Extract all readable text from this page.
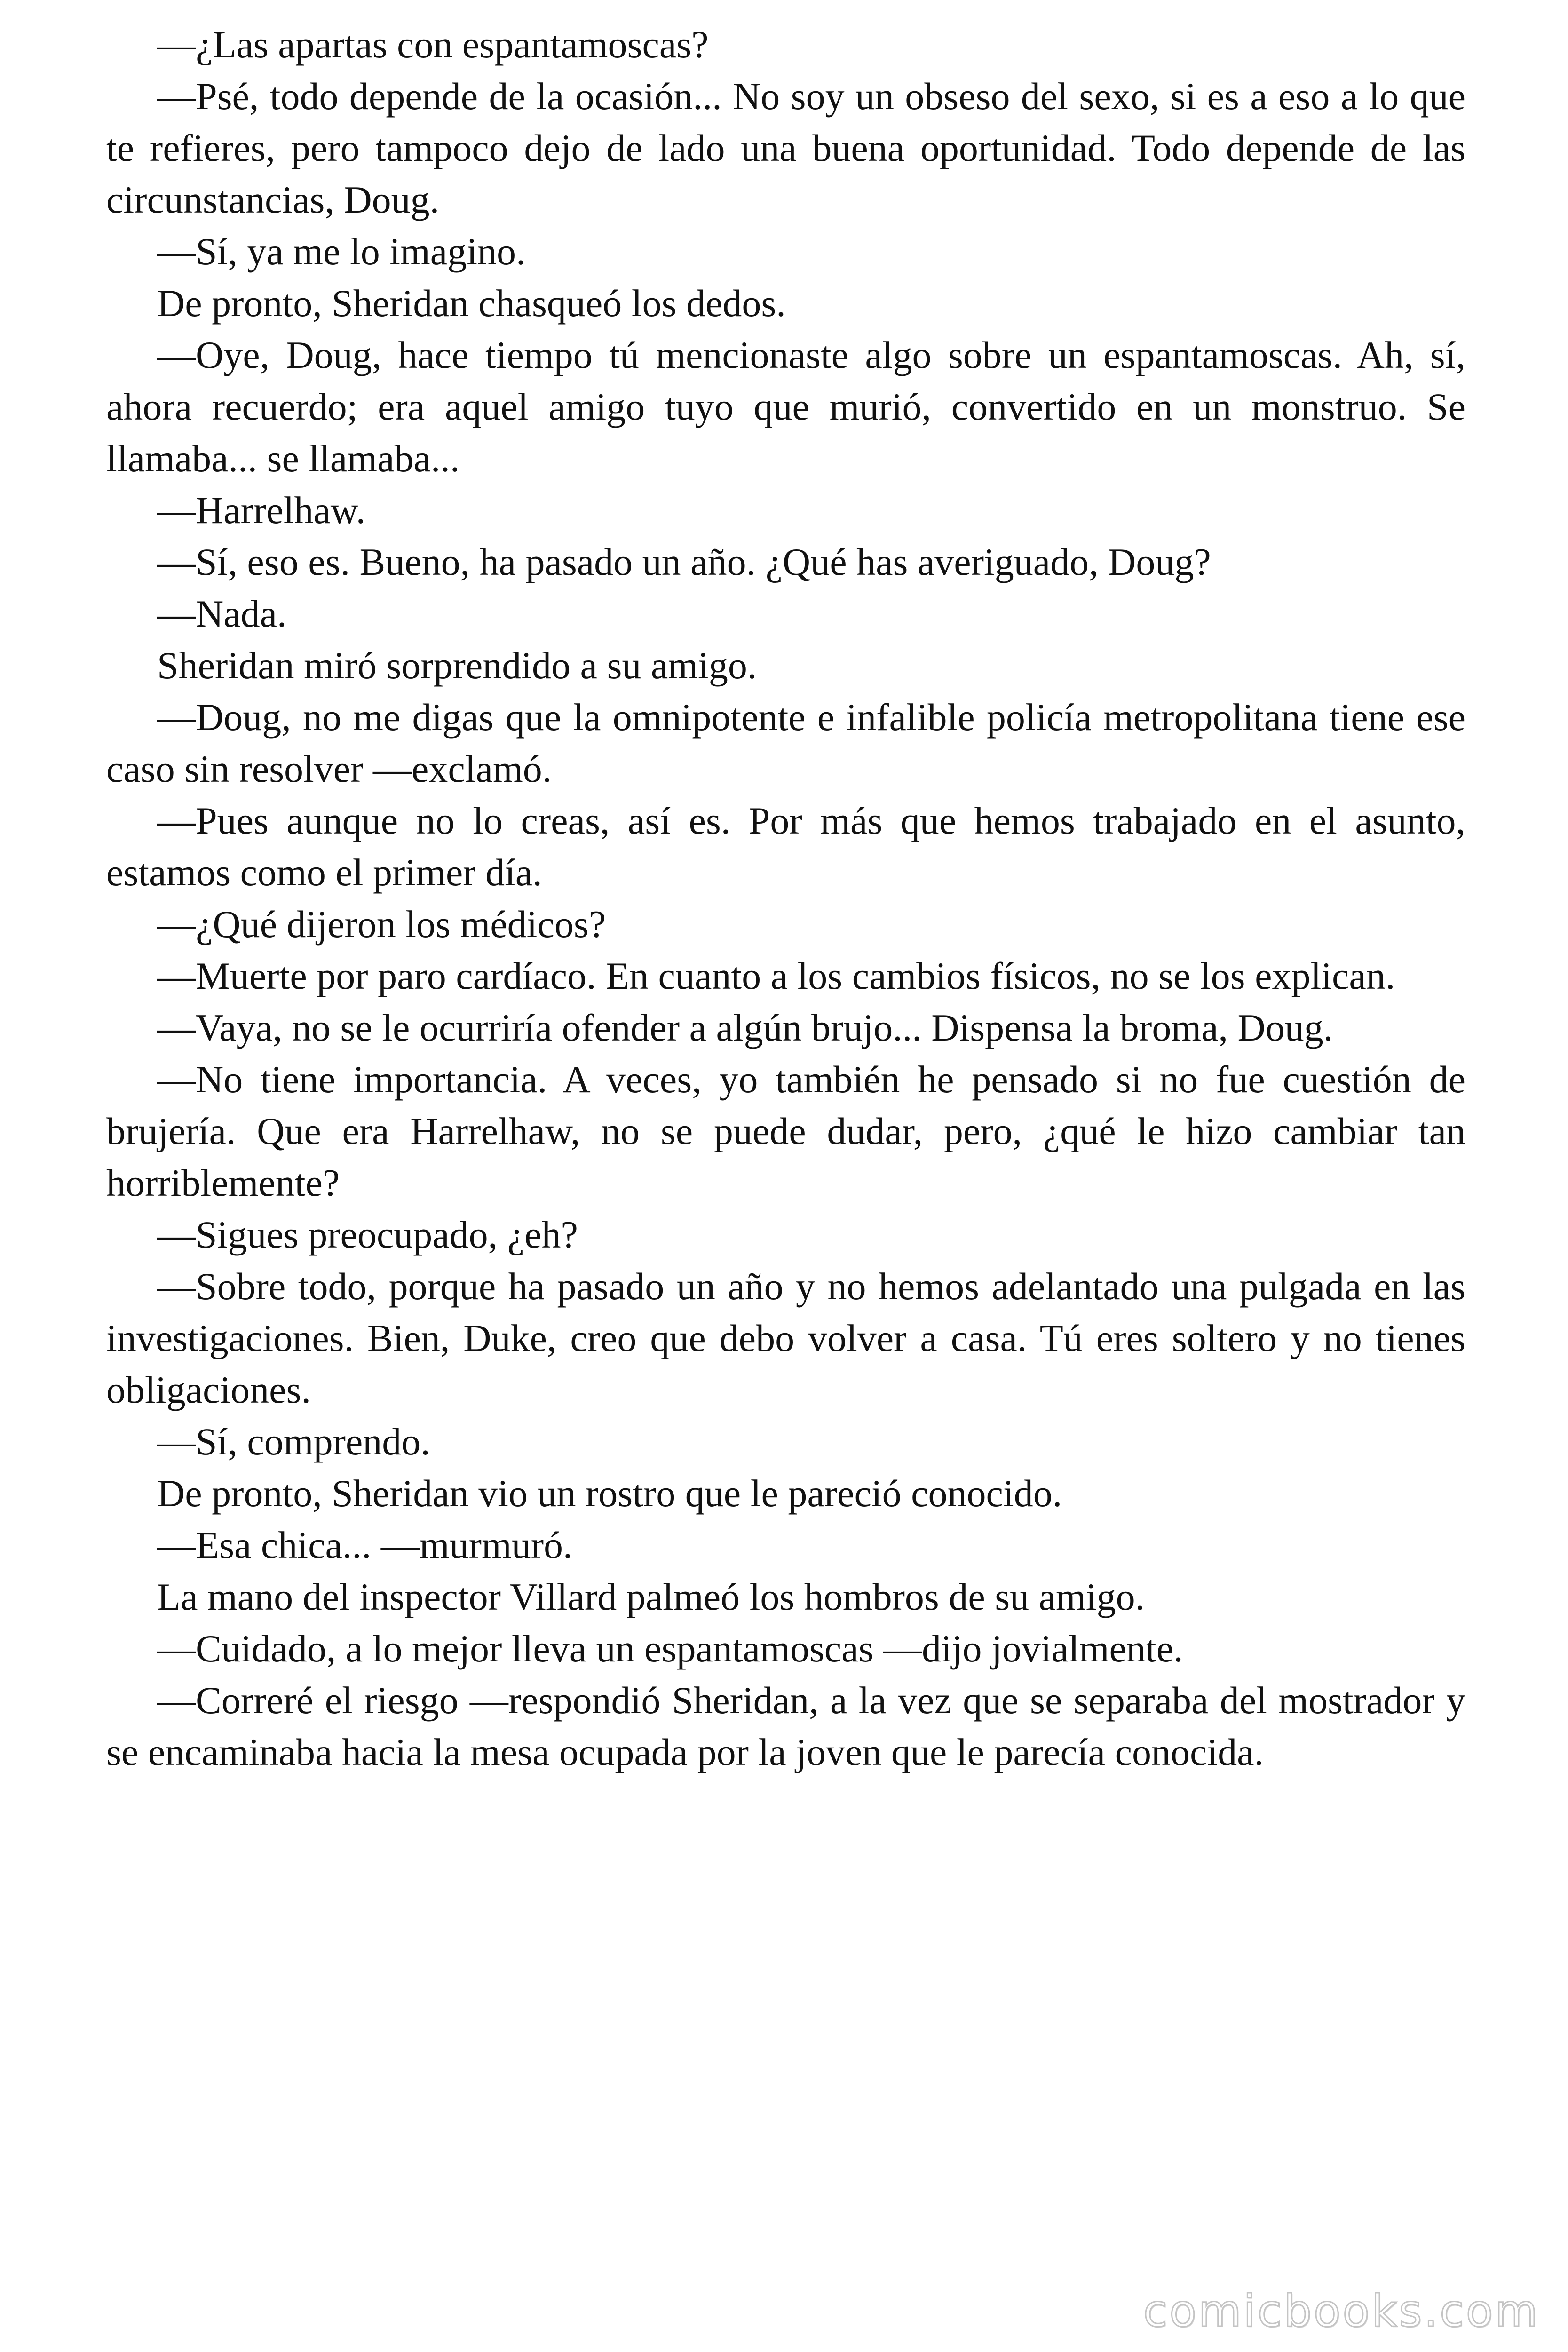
—¿Las apartas con espantamoscas?

—Psé, todo depende de la ocasión... No soy un obseso del sexo, si es a eso a lo que te refieres, pero tampoco dejo de lado una buena oportunidad. Todo depende de las circunstancias, Doug.

—Sí, ya me lo imagino.

De pronto, Sheridan chasqueó los dedos.

—Oye, Doug, hace tiempo tú mencionaste algo sobre un espantamoscas. Ah, sí, ahora recuerdo; era aquel amigo tuyo que murió, convertido en un monstruo. Se llamaba... se llamaba...

—Harrelhaw.

—Sí, eso es. Bueno, ha pasado un año. ¿Qué has averiguado, Doug?

—Nada.

Sheridan miró sorprendido a su amigo.

—Doug, no me digas que la omnipotente e infalible policía metropolitana tiene ese caso sin resolver —exclamó.

—Pues aunque no lo creas, así es. Por más que hemos trabajado en el asunto, estamos como el primer día.

—¿Qué dijeron los médicos?

—Muerte por paro cardíaco. En cuanto a los cambios físicos, no se los explican.

—Vaya, no se le ocurriría ofender a algún brujo... Dispensa la broma, Doug.

—No tiene importancia. A veces, yo también he pensado si no fue cuestión de brujería. Que era Harrelhaw, no se puede dudar, pero, ¿qué le hizo cambiar tan horriblemente?

—Sigues preocupado, ¿eh?

—Sobre todo, porque ha pasado un año y no hemos adelantado una pulgada en las investigaciones. Bien, Duke, creo que debo volver a casa. Tú eres soltero y no tienes obligaciones.

—Sí, comprendo.

De pronto, Sheridan vio un rostro que le pareció conocido.

—Esa chica... —murmuró.

La mano del inspector Villard palmeó los hombros de su amigo.

—Cuidado, a lo mejor lleva un espantamoscas —dijo jovialmente.

—Correré el riesgo —respondió Sheridan, a la vez que se separaba del mostrador y se encaminaba hacia la mesa ocupada por la joven que le parecía conocida.

comicbooks.com
